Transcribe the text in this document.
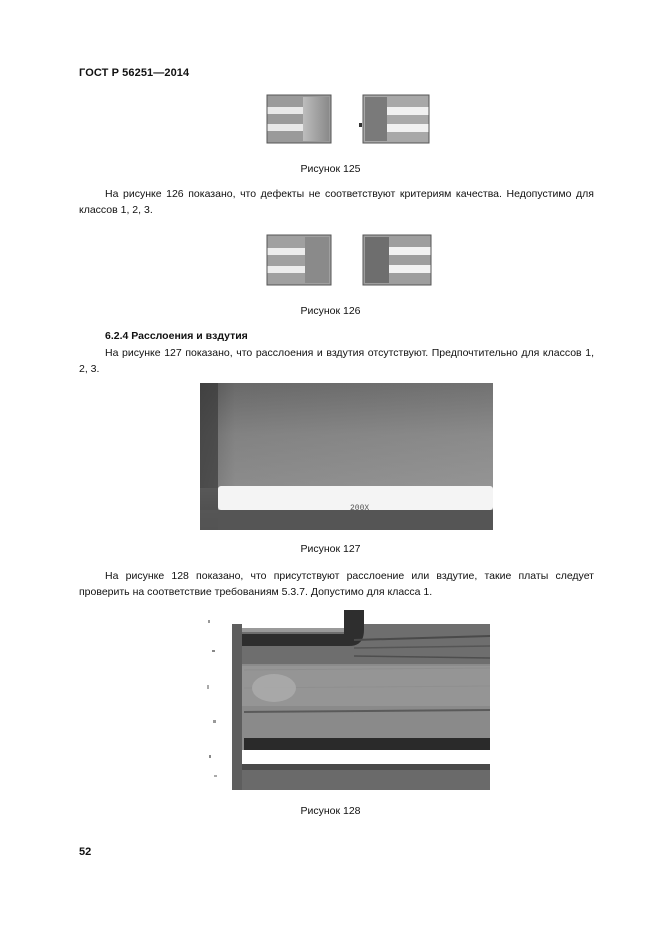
ГОСТ Р 56251—2014
Рисунок 125
На рисунке 126 показано, что дефекты не соответствуют критериям качества. Недопустимо для классов 1, 2, 3.
Рисунок 126
6.2.4 Расслоения и вздутия
На рисунке 127 показано, что расслоения и вздутия отсутствуют. Предпочтительно для классов 1, 2, 3.
200X
Рисунок 127
На рисунке 128 показано, что присутствуют расслоение или вздутие, такие платы следует проверить на соответствие требованиям 5.3.7. Допустимо для класса 1.
Рисунок 128
52
